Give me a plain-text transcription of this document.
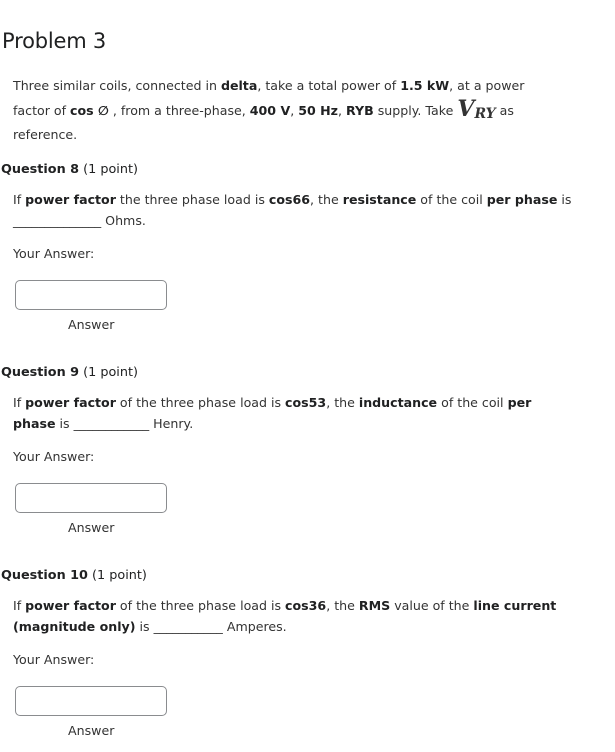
Problem 3
Three similar coils, connected in delta, take a total power of 1.5 kW, at a power factor of cos ∅ , from a three-phase, 400 V, 50 Hz, RYB supply. Take $V_{RY}$ as reference.
Question 8 (1 point)
If power factor the three phase load is cos66, the resistance of the coil per phase is ______________ Ohms.
Your Answer:
Answer
Question 9 (1 point)
If power factor of the three phase load is cos53, the inductance of the coil per phase is ____________ Henry.
Your Answer:
Answer
Question 10 (1 point)
If power factor of the three phase load is cos36, the RMS value of the line current
(magnitude only) is ___________ Amperes.
Your Answer:
Answer
